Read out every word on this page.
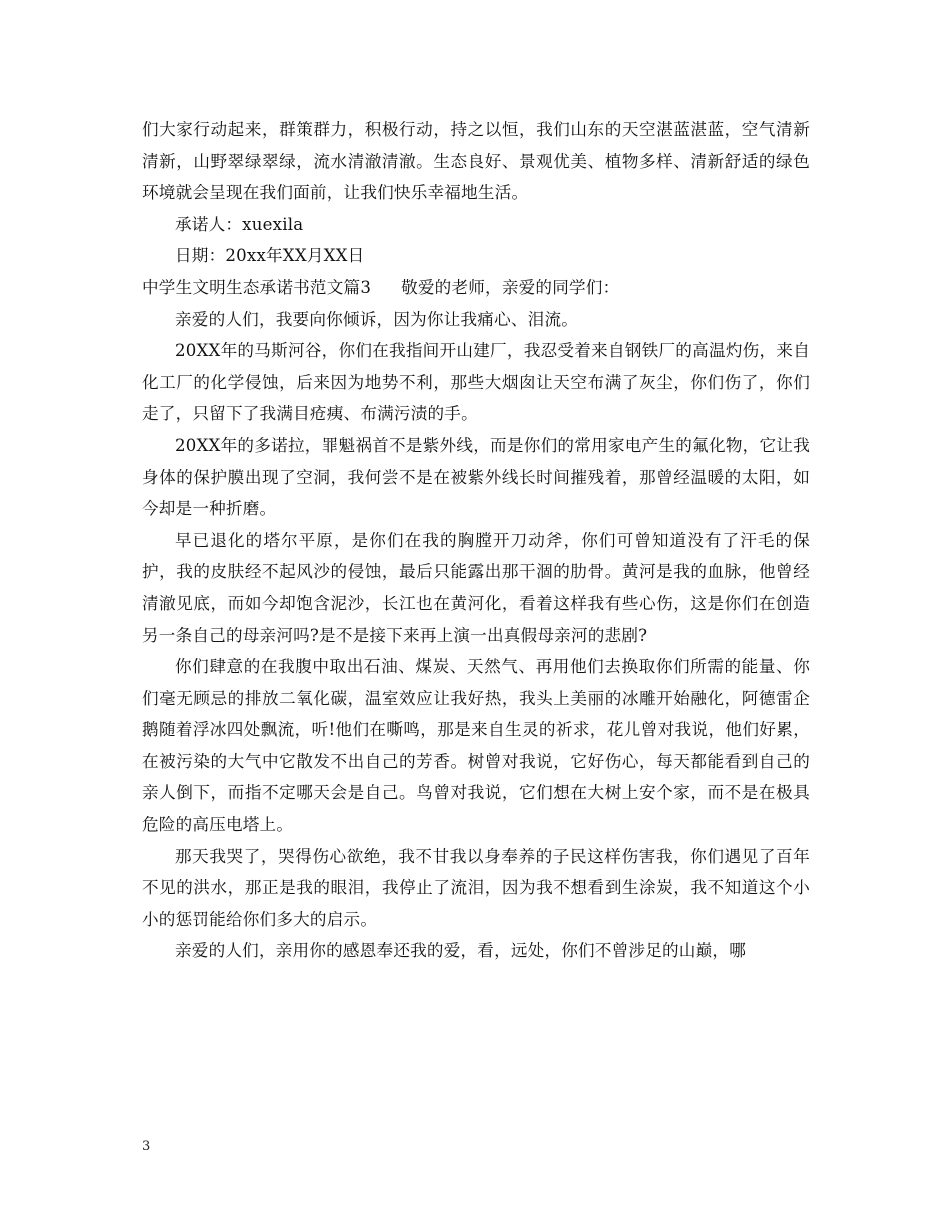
们大家行动起来，群策群力，积极行动，持之以恒，我们山东的天空湛蓝湛蓝，空气清新清新，山野翠绿翠绿，流水清澈清澈。生态良好、景观优美、植物多样、清新舒适的绿色环境就会呈现在我们面前，让我们快乐幸福地生活。

承诺人：xuexila

日期：20xx年XX月XX日

中学生文明生态承诺书范文篇3 敬爱的老师，亲爱的同学们：

亲爱的人们，我要向你倾诉，因为你让我痛心、泪流。

20XX年的马斯河谷，你们在我指间开山建厂，我忍受着来自钢铁厂的高温灼伤，来自化工厂的化学侵蚀，后来因为地势不利，那些大烟囱让天空布满了灰尘，你们伤了，你们走了，只留下了我满目疮痍、布满污渍的手。

20XX年的多诺拉，罪魁祸首不是紫外线，而是你们的常用家电产生的氟化物，它让我身体的保护膜出现了空洞，我何尝不是在被紫外线长时间摧残着，那曾经温暖的太阳，如今却是一种折磨。

早已退化的塔尔平原，是你们在我的胸膛开刀动斧，你们可曾知道没有了汗毛的保护，我的皮肤经不起风沙的侵蚀，最后只能露出那干涸的肋骨。黄河是我的血脉，他曾经清澈见底，而如今却饱含泥沙，长江也在黄河化，看着这样我有些心伤，这是你们在创造另一条自己的母亲河吗?是不是接下来再上演一出真假母亲河的悲剧?

你们肆意的在我腹中取出石油、煤炭、天然气、再用他们去换取你们所需的能量、你们毫无顾忌的排放二氧化碳，温室效应让我好热，我头上美丽的冰雕开始融化，阿德雷企鹅随着浮冰四处飘流，听!他们在嘶鸣，那是来自生灵的祈求，花儿曾对我说，他们好累，在被污染的大气中它散发不出自己的芳香。树曾对我说，它好伤心，每天都能看到自己的亲人倒下，而指不定哪天会是自己。鸟曾对我说，它们想在大树上安个家，而不是在极具危险的高压电塔上。

那天我哭了，哭得伤心欲绝，我不甘我以身奉养的子民这样伤害我，你们遇见了百年不见的洪水，那正是我的眼泪，我停止了流泪，因为我不想看到生涂炭，我不知道这个小小的惩罚能给你们多大的启示。

亲爱的人们，亲用你的感恩奉还我的爱，看，远处，你们不曾涉足的山巅，哪

3
